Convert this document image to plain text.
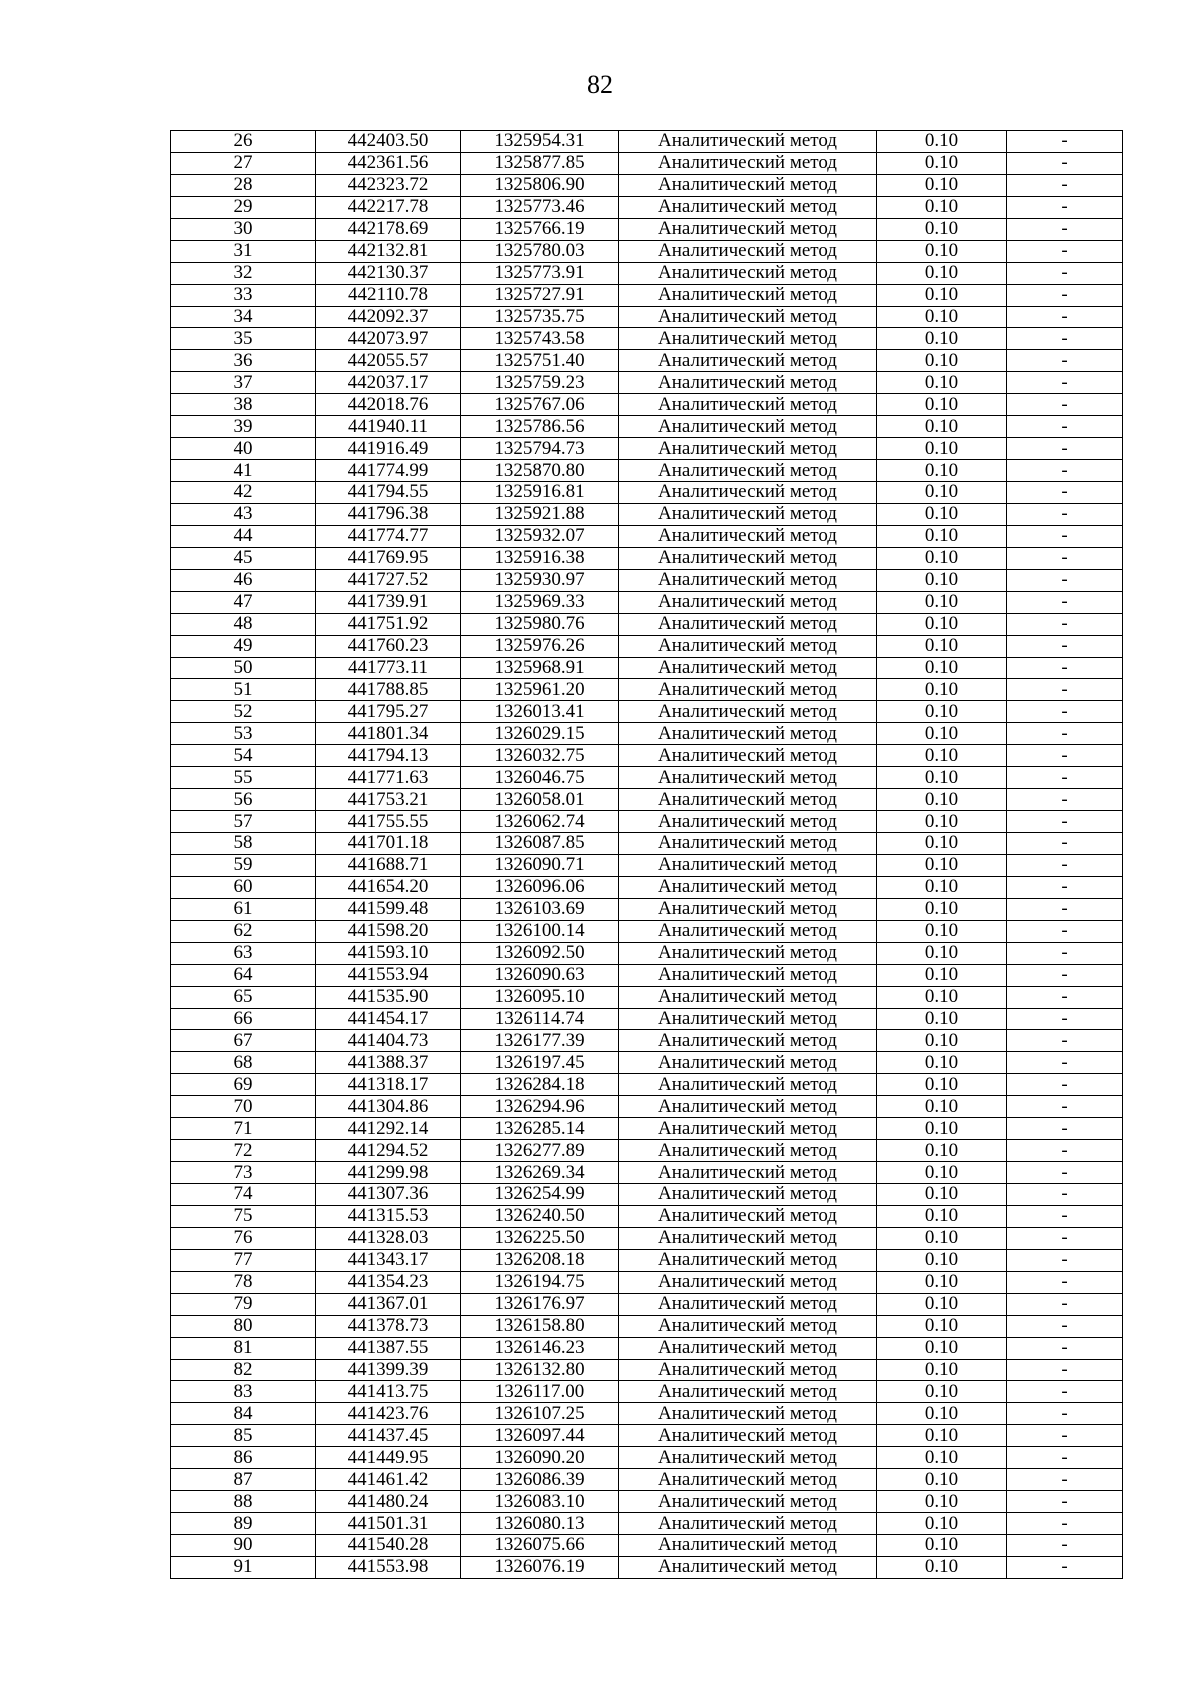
82
26	442403.50	1325954.31	Аналитический метод	0.10	-
27	442361.56	1325877.85	Аналитический метод	0.10	-
28	442323.72	1325806.90	Аналитический метод	0.10	-
29	442217.78	1325773.46	Аналитический метод	0.10	-
30	442178.69	1325766.19	Аналитический метод	0.10	-
31	442132.81	1325780.03	Аналитический метод	0.10	-
32	442130.37	1325773.91	Аналитический метод	0.10	-
33	442110.78	1325727.91	Аналитический метод	0.10	-
34	442092.37	1325735.75	Аналитический метод	0.10	-
35	442073.97	1325743.58	Аналитический метод	0.10	-
36	442055.57	1325751.40	Аналитический метод	0.10	-
37	442037.17	1325759.23	Аналитический метод	0.10	-
38	442018.76	1325767.06	Аналитический метод	0.10	-
39	441940.11	1325786.56	Аналитический метод	0.10	-
40	441916.49	1325794.73	Аналитический метод	0.10	-
41	441774.99	1325870.80	Аналитический метод	0.10	-
42	441794.55	1325916.81	Аналитический метод	0.10	-
43	441796.38	1325921.88	Аналитический метод	0.10	-
44	441774.77	1325932.07	Аналитический метод	0.10	-
45	441769.95	1325916.38	Аналитический метод	0.10	-
46	441727.52	1325930.97	Аналитический метод	0.10	-
47	441739.91	1325969.33	Аналитический метод	0.10	-
48	441751.92	1325980.76	Аналитический метод	0.10	-
49	441760.23	1325976.26	Аналитический метод	0.10	-
50	441773.11	1325968.91	Аналитический метод	0.10	-
51	441788.85	1325961.20	Аналитический метод	0.10	-
52	441795.27	1326013.41	Аналитический метод	0.10	-
53	441801.34	1326029.15	Аналитический метод	0.10	-
54	441794.13	1326032.75	Аналитический метод	0.10	-
55	441771.63	1326046.75	Аналитический метод	0.10	-
56	441753.21	1326058.01	Аналитический метод	0.10	-
57	441755.55	1326062.74	Аналитический метод	0.10	-
58	441701.18	1326087.85	Аналитический метод	0.10	-
59	441688.71	1326090.71	Аналитический метод	0.10	-
60	441654.20	1326096.06	Аналитический метод	0.10	-
61	441599.48	1326103.69	Аналитический метод	0.10	-
62	441598.20	1326100.14	Аналитический метод	0.10	-
63	441593.10	1326092.50	Аналитический метод	0.10	-
64	441553.94	1326090.63	Аналитический метод	0.10	-
65	441535.90	1326095.10	Аналитический метод	0.10	-
66	441454.17	1326114.74	Аналитический метод	0.10	-
67	441404.73	1326177.39	Аналитический метод	0.10	-
68	441388.37	1326197.45	Аналитический метод	0.10	-
69	441318.17	1326284.18	Аналитический метод	0.10	-
70	441304.86	1326294.96	Аналитический метод	0.10	-
71	441292.14	1326285.14	Аналитический метод	0.10	-
72	441294.52	1326277.89	Аналитический метод	0.10	-
73	441299.98	1326269.34	Аналитический метод	0.10	-
74	441307.36	1326254.99	Аналитический метод	0.10	-
75	441315.53	1326240.50	Аналитический метод	0.10	-
76	441328.03	1326225.50	Аналитический метод	0.10	-
77	441343.17	1326208.18	Аналитический метод	0.10	-
78	441354.23	1326194.75	Аналитический метод	0.10	-
79	441367.01	1326176.97	Аналитический метод	0.10	-
80	441378.73	1326158.80	Аналитический метод	0.10	-
81	441387.55	1326146.23	Аналитический метод	0.10	-
82	441399.39	1326132.80	Аналитический метод	0.10	-
83	441413.75	1326117.00	Аналитический метод	0.10	-
84	441423.76	1326107.25	Аналитический метод	0.10	-
85	441437.45	1326097.44	Аналитический метод	0.10	-
86	441449.95	1326090.20	Аналитический метод	0.10	-
87	441461.42	1326086.39	Аналитический метод	0.10	-
88	441480.24	1326083.10	Аналитический метод	0.10	-
89	441501.31	1326080.13	Аналитический метод	0.10	-
90	441540.28	1326075.66	Аналитический метод	0.10	-
91	441553.98	1326076.19	Аналитический метод	0.10	-
